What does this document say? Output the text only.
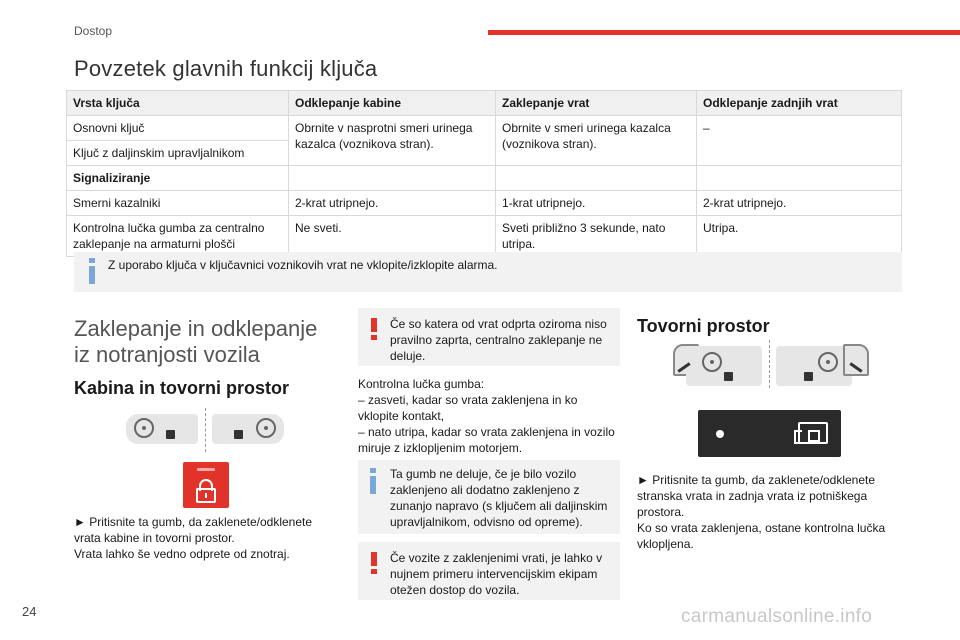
Dostop
Povzetek glavnih funkcij ključa
Vrsta ključa	Odklepanje kabine	Zaklepanje vrat	Odklepanje zadnjih vrat
Osnovni ključ	Obrnite v nasprotni smeri urinega kazalca (voznikova stran).	Obrnite v smeri urinega kazalca (voznikova stran).	–
Ključ z daljinskim upravljalnikom			
Signaliziranje			
Smerni kazalniki	2-krat utripnejo.	1-krat utripnejo.	2-krat utripnejo.
Kontrolna lučka gumba za centralno zaklepanje na armaturni plošči	Ne sveti.	Sveti približno 3 sekunde, nato utripa.	Utripa.
Z uporabo ključa v ključavnici voznikovih vrat ne vklopite/izklopite alarma.
Zaklepanje in odklepanje
iz notranjosti vozila
Kabina in tovorni prostor
► Pritisnite ta gumb, da zaklenete/odklenete
vrata kabine in tovorni prostor.
Vrata lahko še vedno odprete od znotraj.
Če so katera od vrat odprta oziroma niso pravilno zaprta, centralno zaklepanje ne deluje.
Kontrolna lučka gumba:
– zasveti, kadar so vrata zaklenjena in ko vklopite kontakt,
– nato utripa, kadar so vrata zaklenjena in vozilo miruje z izklopljenim motorjem.
Ta gumb ne deluje, če je bilo vozilo zaklenjeno ali dodatno zaklenjeno z zunanjo napravo (s ključem ali daljinskim upravljalnikom, odvisno od opreme).
Če vozite z zaklenjenimi vrati, je lahko v nujnem primeru intervencijskim ekipam otežen dostop do vozila.
Tovorni prostor
► Pritisnite ta gumb, da zaklenete/odklenete
stranska vrata in zadnja vrata iz potniškega
prostora.
Ko so vrata zaklenjena, ostane kontrolna lučka
vklopljena.
24	carmanualsonline.info
